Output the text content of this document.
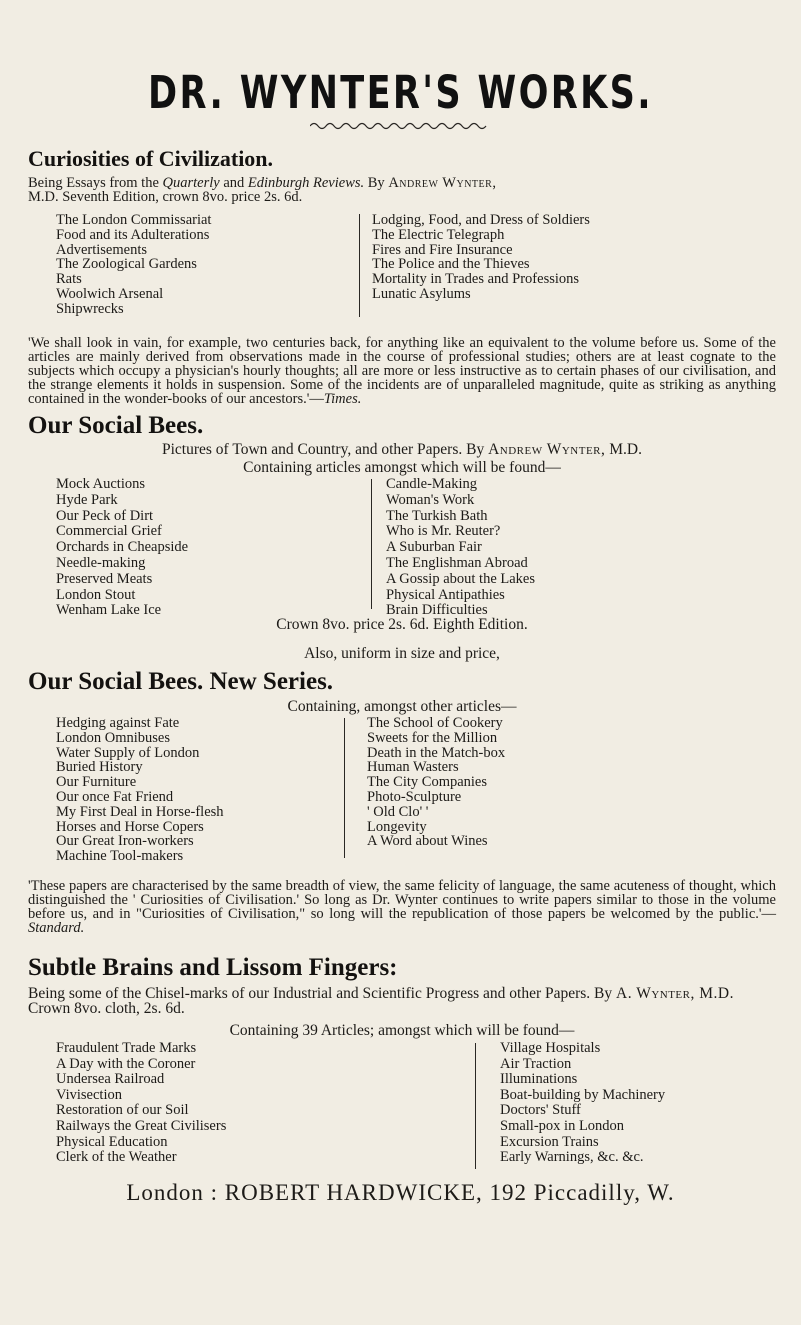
DR. WYNTER'S WORKS.
Curiosities of Civilization.

Being Essays from the Quarterly and Edinburgh Reviews. By Andrew Wynter,
M.D. Seventh Edition, crown 8vo. price 2s. 6d.

The London Commissariat
Food and its Adulterations
Advertisements
The Zoological Gardens
Rats
Woolwich Arsenal
Shipwrecks
Lodging, Food, and Dress of Soldiers
The Electric Telegraph
Fires and Fire Insurance
The Police and the Thieves
Mortality in Trades and Professions
Lunatic Asylums

'We shall look in vain, for example, two centuries back, for anything like an equivalent to the volume before us. Some of the articles are mainly derived from observations made in the course of professional studies; others are at least cognate to the subjects which occupy a physician's hourly thoughts; all are more or less instructive as to certain phases of our civilisation, and the strange elements it holds in suspension. Some of the incidents are of unparalleled magnitude, quite as striking as anything contained in the wonder-books of our ancestors.'—Times.

Our Social Bees.

Pictures of Town and Country, and other Papers. By Andrew Wynter, M.D.

Containing articles amongst which will be found—

Mock Auctions
Hyde Park
Our Peck of Dirt
Commercial Grief
Orchards in Cheapside
Needle-making
Preserved Meats
London Stout
Wenham Lake Ice
Candle-Making
Woman's Work
The Turkish Bath
Who is Mr. Reuter?
A Suburban Fair
The Englishman Abroad
A Gossip about the Lakes
Physical Antipathies
Brain Difficulties

Crown 8vo. price 2s. 6d. Eighth Edition.

Also, uniform in size and price,

Our Social Bees. New Series.

Containing, amongst other articles—

Hedging against Fate
London Omnibuses
Water Supply of London
Buried History
Our Furniture
Our once Fat Friend
My First Deal in Horse-flesh
Horses and Horse Copers
Our Great Iron-workers
Machine Tool-makers
The School of Cookery
Sweets for the Million
Death in the Match-box
Human Wasters
The City Companies
Photo-Sculpture
' Old Clo' '
Longevity
A Word about Wines

'These papers are characterised by the same breadth of view, the same felicity of language, the same acuteness of thought, which distinguished the ' Curiosities of Civilisation.' So long as Dr. Wynter continues to write papers similar to those in the volume before us, and in "Curiosities of Civilisation," so long will the republication of those papers be welcomed by the public.'—Standard.

Subtle Brains and Lissom Fingers:

Being some of the Chisel-marks of our Industrial and Scientific Progress and other Papers. By A. Wynter, M.D. Crown 8vo. cloth, 2s. 6d.

Containing 39 Articles; amongst which will be found—

Fraudulent Trade Marks
A Day with the Coroner
Undersea Railroad
Vivisection
Restoration of our Soil
Railways the Great Civilisers
Physical Education
Clerk of the Weather
Village Hospitals
Air Traction
Illuminations
Boat-building by Machinery
Doctors' Stuff
Small-pox in London
Excursion Trains
Early Warnings, &c. &c.
London : ROBERT HARDWICKE, 192 Piccadilly, W.
